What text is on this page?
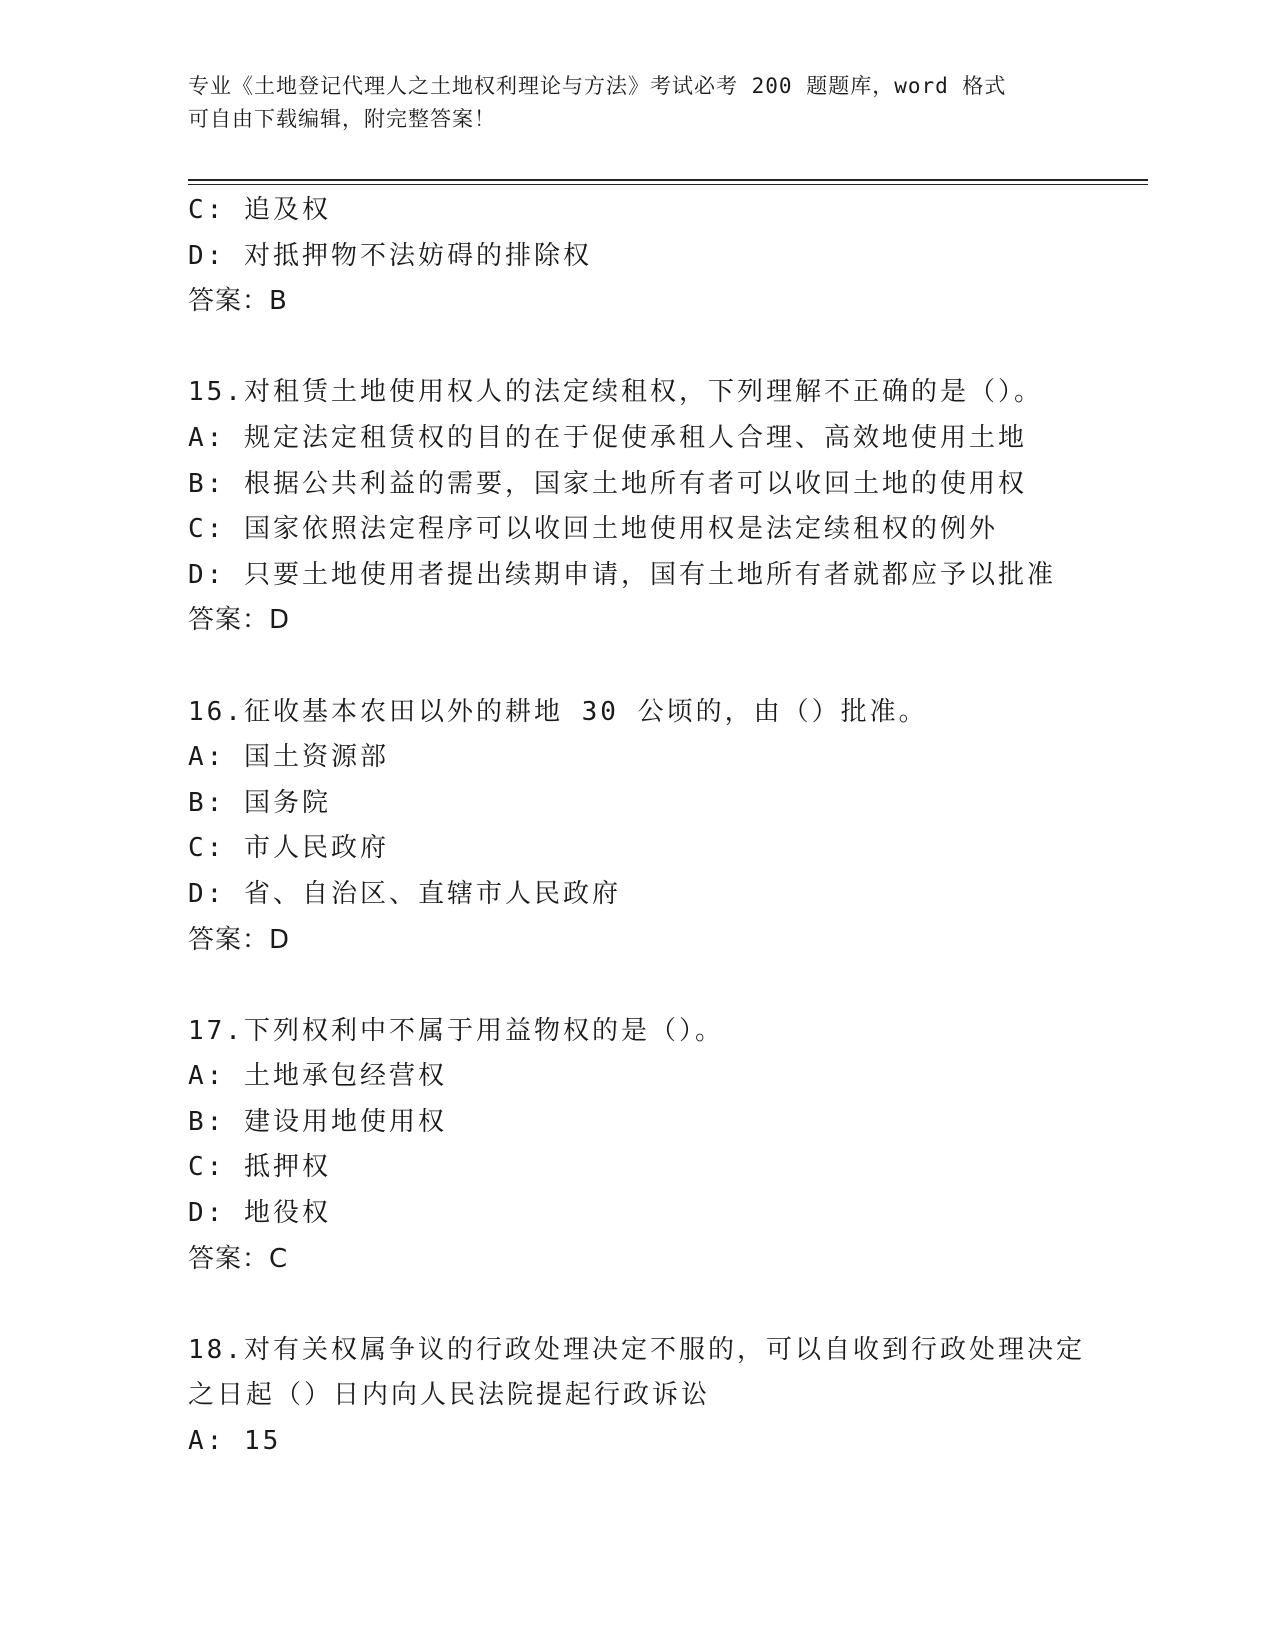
专业《土地登记代理人之土地权利理论与方法》考试必考 200 题题库，word 格式
可自由下载编辑，附完整答案！
C: 追及权
D: 对抵押物不法妨碍的排除权
答案：B
15.对租赁土地使用权人的法定续租权，下列理解不正确的是（）。
A: 规定法定租赁权的目的在于促使承租人合理、高效地使用土地
B: 根据公共利益的需要，国家土地所有者可以收回土地的使用权
C: 国家依照法定程序可以收回土地使用权是法定续租权的例外
D: 只要土地使用者提出续期申请，国有土地所有者就都应予以批准
答案：D
16.征收基本农田以外的耕地 30 公顷的，由（）批准。
A: 国土资源部
B: 国务院
C: 市人民政府
D: 省、自治区、直辖市人民政府
答案：D
17.下列权利中不属于用益物权的是（）。
A: 土地承包经营权
B: 建设用地使用权
C: 抵押权
D: 地役权
答案：C
18.对有关权属争议的行政处理决定不服的，可以自收到行政处理决定
之日起（）日内向人民法院提起行政诉讼
A: 15
